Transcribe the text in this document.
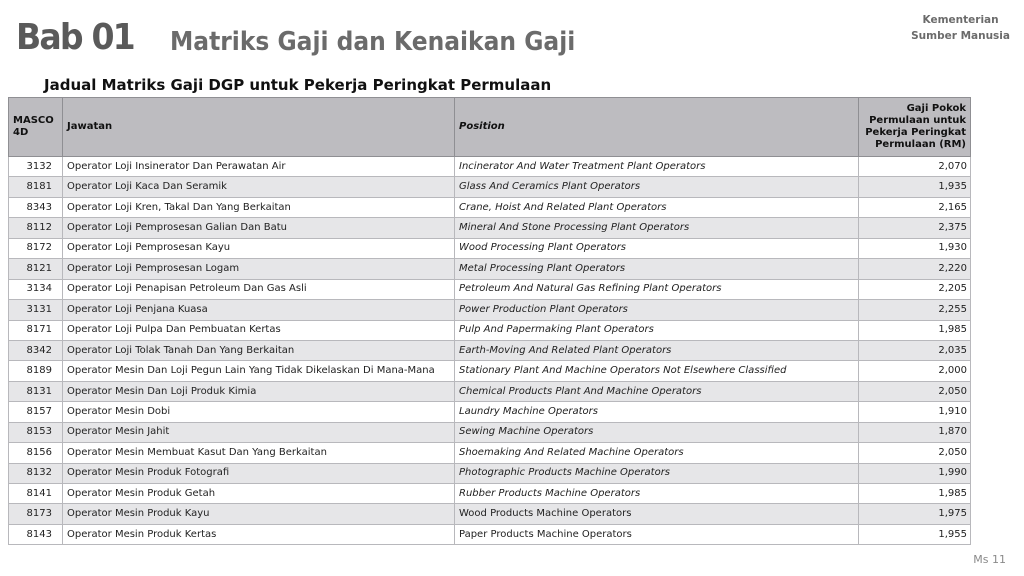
Bab 01 Matriks Gaji dan Kenaikan Gaji
Kementerian
Sumber Manusia
Jadual Matriks Gaji DGP untuk Pekerja Peringkat Permulaan
MASCO 4D	Jawatan	Position	Gaji Pokok Permulaan untuk Pekerja Peringkat Permulaan (RM)
3132	Operator Loji Insinerator Dan Perawatan Air	Incinerator And Water Treatment Plant Operators	2,070
8181	Operator Loji Kaca Dan Seramik	Glass And Ceramics Plant Operators	1,935
8343	Operator Loji Kren, Takal Dan Yang Berkaitan	Crane, Hoist And Related Plant Operators	2,165
8112	Operator Loji Pemprosesan Galian Dan Batu	Mineral And Stone Processing Plant Operators	2,375
8172	Operator Loji Pemprosesan Kayu	Wood Processing Plant Operators	1,930
8121	Operator Loji Pemprosesan Logam	Metal Processing Plant Operators	2,220
3134	Operator Loji Penapisan Petroleum Dan Gas Asli	Petroleum And Natural Gas Refining Plant Operators	2,205
3131	Operator Loji Penjana Kuasa	Power Production Plant Operators	2,255
8171	Operator Loji Pulpa Dan Pembuatan Kertas	Pulp And Papermaking Plant Operators	1,985
8342	Operator Loji Tolak Tanah Dan Yang Berkaitan	Earth-Moving And Related Plant Operators	2,035
8189	Operator Mesin Dan Loji Pegun Lain Yang Tidak Dikelaskan Di Mana-Mana	Stationary Plant And Machine Operators Not Elsewhere Classified	2,000
8131	Operator Mesin Dan Loji Produk Kimia	Chemical Products Plant And Machine Operators	2,050
8157	Operator Mesin Dobi	Laundry Machine Operators	1,910
8153	Operator Mesin Jahit	Sewing Machine Operators	1,870
8156	Operator Mesin Membuat Kasut Dan Yang Berkaitan	Shoemaking And Related Machine Operators	2,050
8132	Operator Mesin Produk Fotografi	Photographic Products Machine Operators	1,990
8141	Operator Mesin Produk Getah	Rubber Products Machine Operators	1,985
8173	Operator Mesin Produk Kayu	Wood Products Machine Operators	1,975
8143	Operator Mesin Produk Kertas	Paper Products Machine Operators	1,955
Ms 11
